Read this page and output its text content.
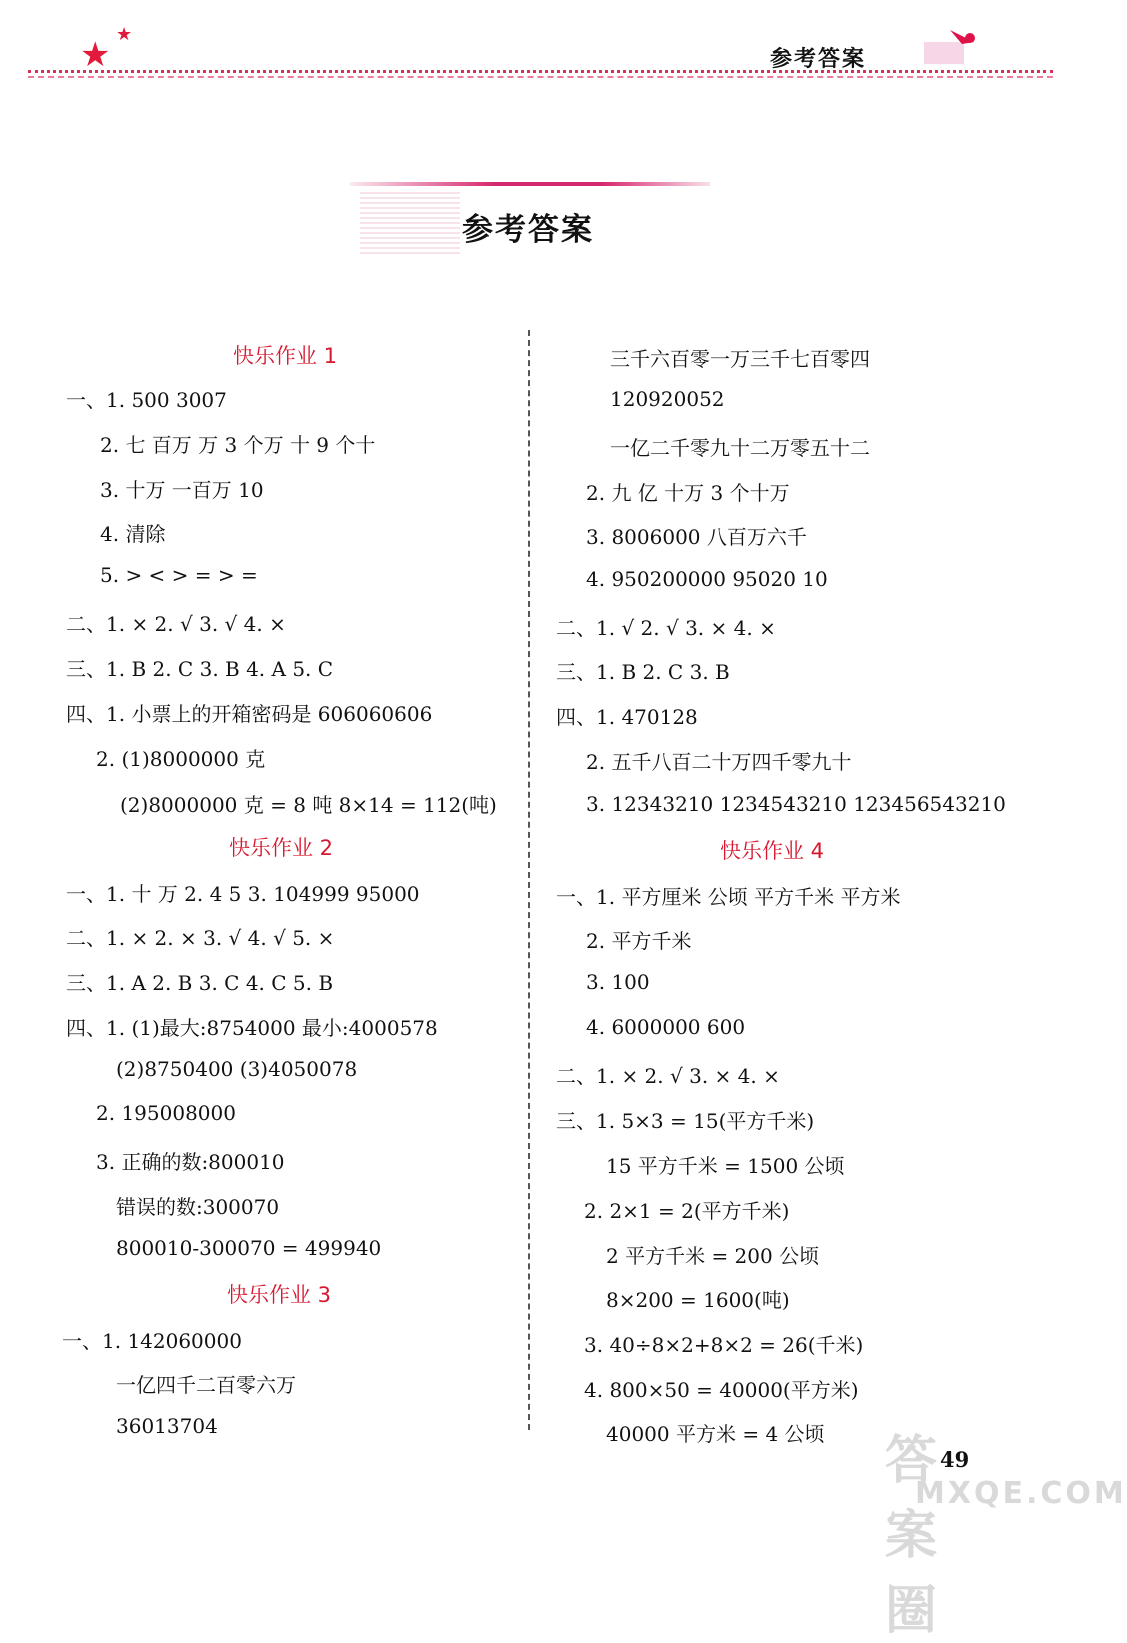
★
★
参考答案
参考答案
快乐作业 1
一、1. 500 3007
2. 七 百万 万 3 个万 十 9 个十
3. 十万 一百万 10
4. 清除
5. > < > = > =
二、1. × 2. √ 3. √ 4. ×
三、1. B 2. C 3. B 4. A 5. C
四、1. 小票上的开箱密码是 606060606
2. (1)8000000 克
(2)8000000 克 = 8 吨 8×14 = 112(吨)
快乐作业 2
一、1. 十 万 2. 4 5 3. 104999 95000
二、1. × 2. × 3. √ 4. √ 5. ×
三、1. A 2. B 3. C 4. C 5. B
四、1. (1)最大:8754000 最小:4000578
(2)8750400 (3)4050078
2. 195008000
3. 正确的数:800010
错误的数:300070
800010-300070 = 499940
快乐作业 3
一、1. 142060000
一亿四千二百零六万
36013704
三千六百零一万三千七百零四
120920052
一亿二千零九十二万零五十二
2. 九 亿 十万 3 个十万
3. 8006000 八百万六千
4. 950200000 95020 10
二、1. √ 2. √ 3. × 4. ×
三、1. B 2. C 3. B
四、1. 470128
2. 五千八百二十万四千零九十
3. 12343210 1234543210 123456543210
快乐作业 4
一、1. 平方厘米 公顷 平方千米 平方米
2. 平方千米
3. 100
4. 6000000 600
二、1. × 2. √ 3. × 4. ×
三、1. 5×3 = 15(平方千米)
15 平方千米 = 1500 公顷
2. 2×1 = 2(平方千米)
2 平方千米 = 200 公顷
8×200 = 1600(吨)
3. 40÷8×2+8×2 = 26(千米)
4. 800×50 = 40000(平方米)
40000 平方米 = 4 公顷 答案圈
MXQE.COM
49
